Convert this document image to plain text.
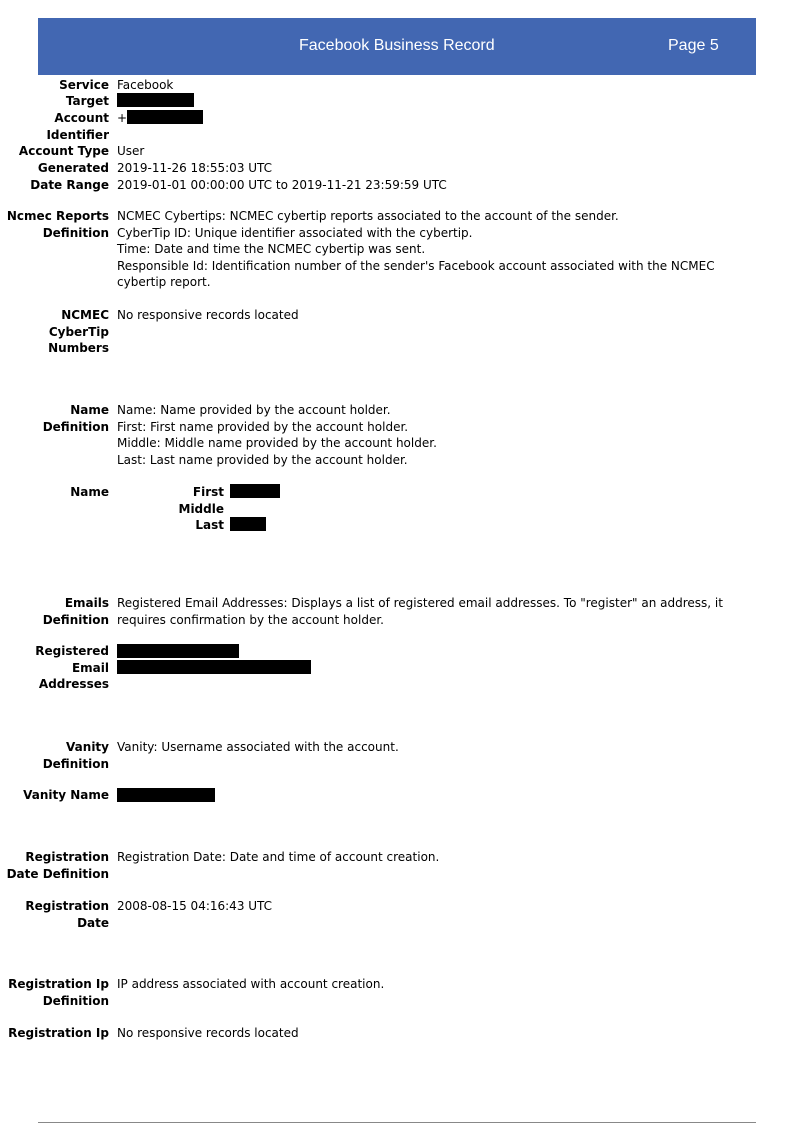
Facebook Business Record	Page 5
Service Facebook
Target
Account
Identifier
+
Account Type User
Generated 2019-11-26 18:55:03 UTC
Date Range 2019-01-01 00:00:00 UTC to 2019-11-21 23:59:59 UTC
Ncmec Reports
Definition
NCMEC Cybertips: NCMEC cybertip reports associated to the account of the sender.
CyberTip ID: Unique identifier associated with the cybertip.
Time: Date and time the NCMEC cybertip was sent.
Responsible Id: Identification number of the sender's Facebook account associated with the NCMEC
cybertip report.
NCMEC
CyberTip
Numbers
No responsive records located
Name
Definition
Name: Name provided by the account holder.
First: First name provided by the account holder.
Middle: Middle name provided by the account holder.
Last: Last name provided by the account holder.
Name	First
Middle
Last
Emails
Definition
Registered Email Addresses: Displays a list of registered email addresses. To "register" an address, it
requires confirmation by the account holder.
Registered
Email
Addresses
Vanity
Definition
Vanity: Username associated with the account.
Vanity Name
Registration
Date Definition
Registration Date: Date and time of account creation.
Registration
Date
2008-08-15 04:16:43 UTC
Registration Ip
Definition
IP address associated with account creation.
Registration Ip No responsive records located
